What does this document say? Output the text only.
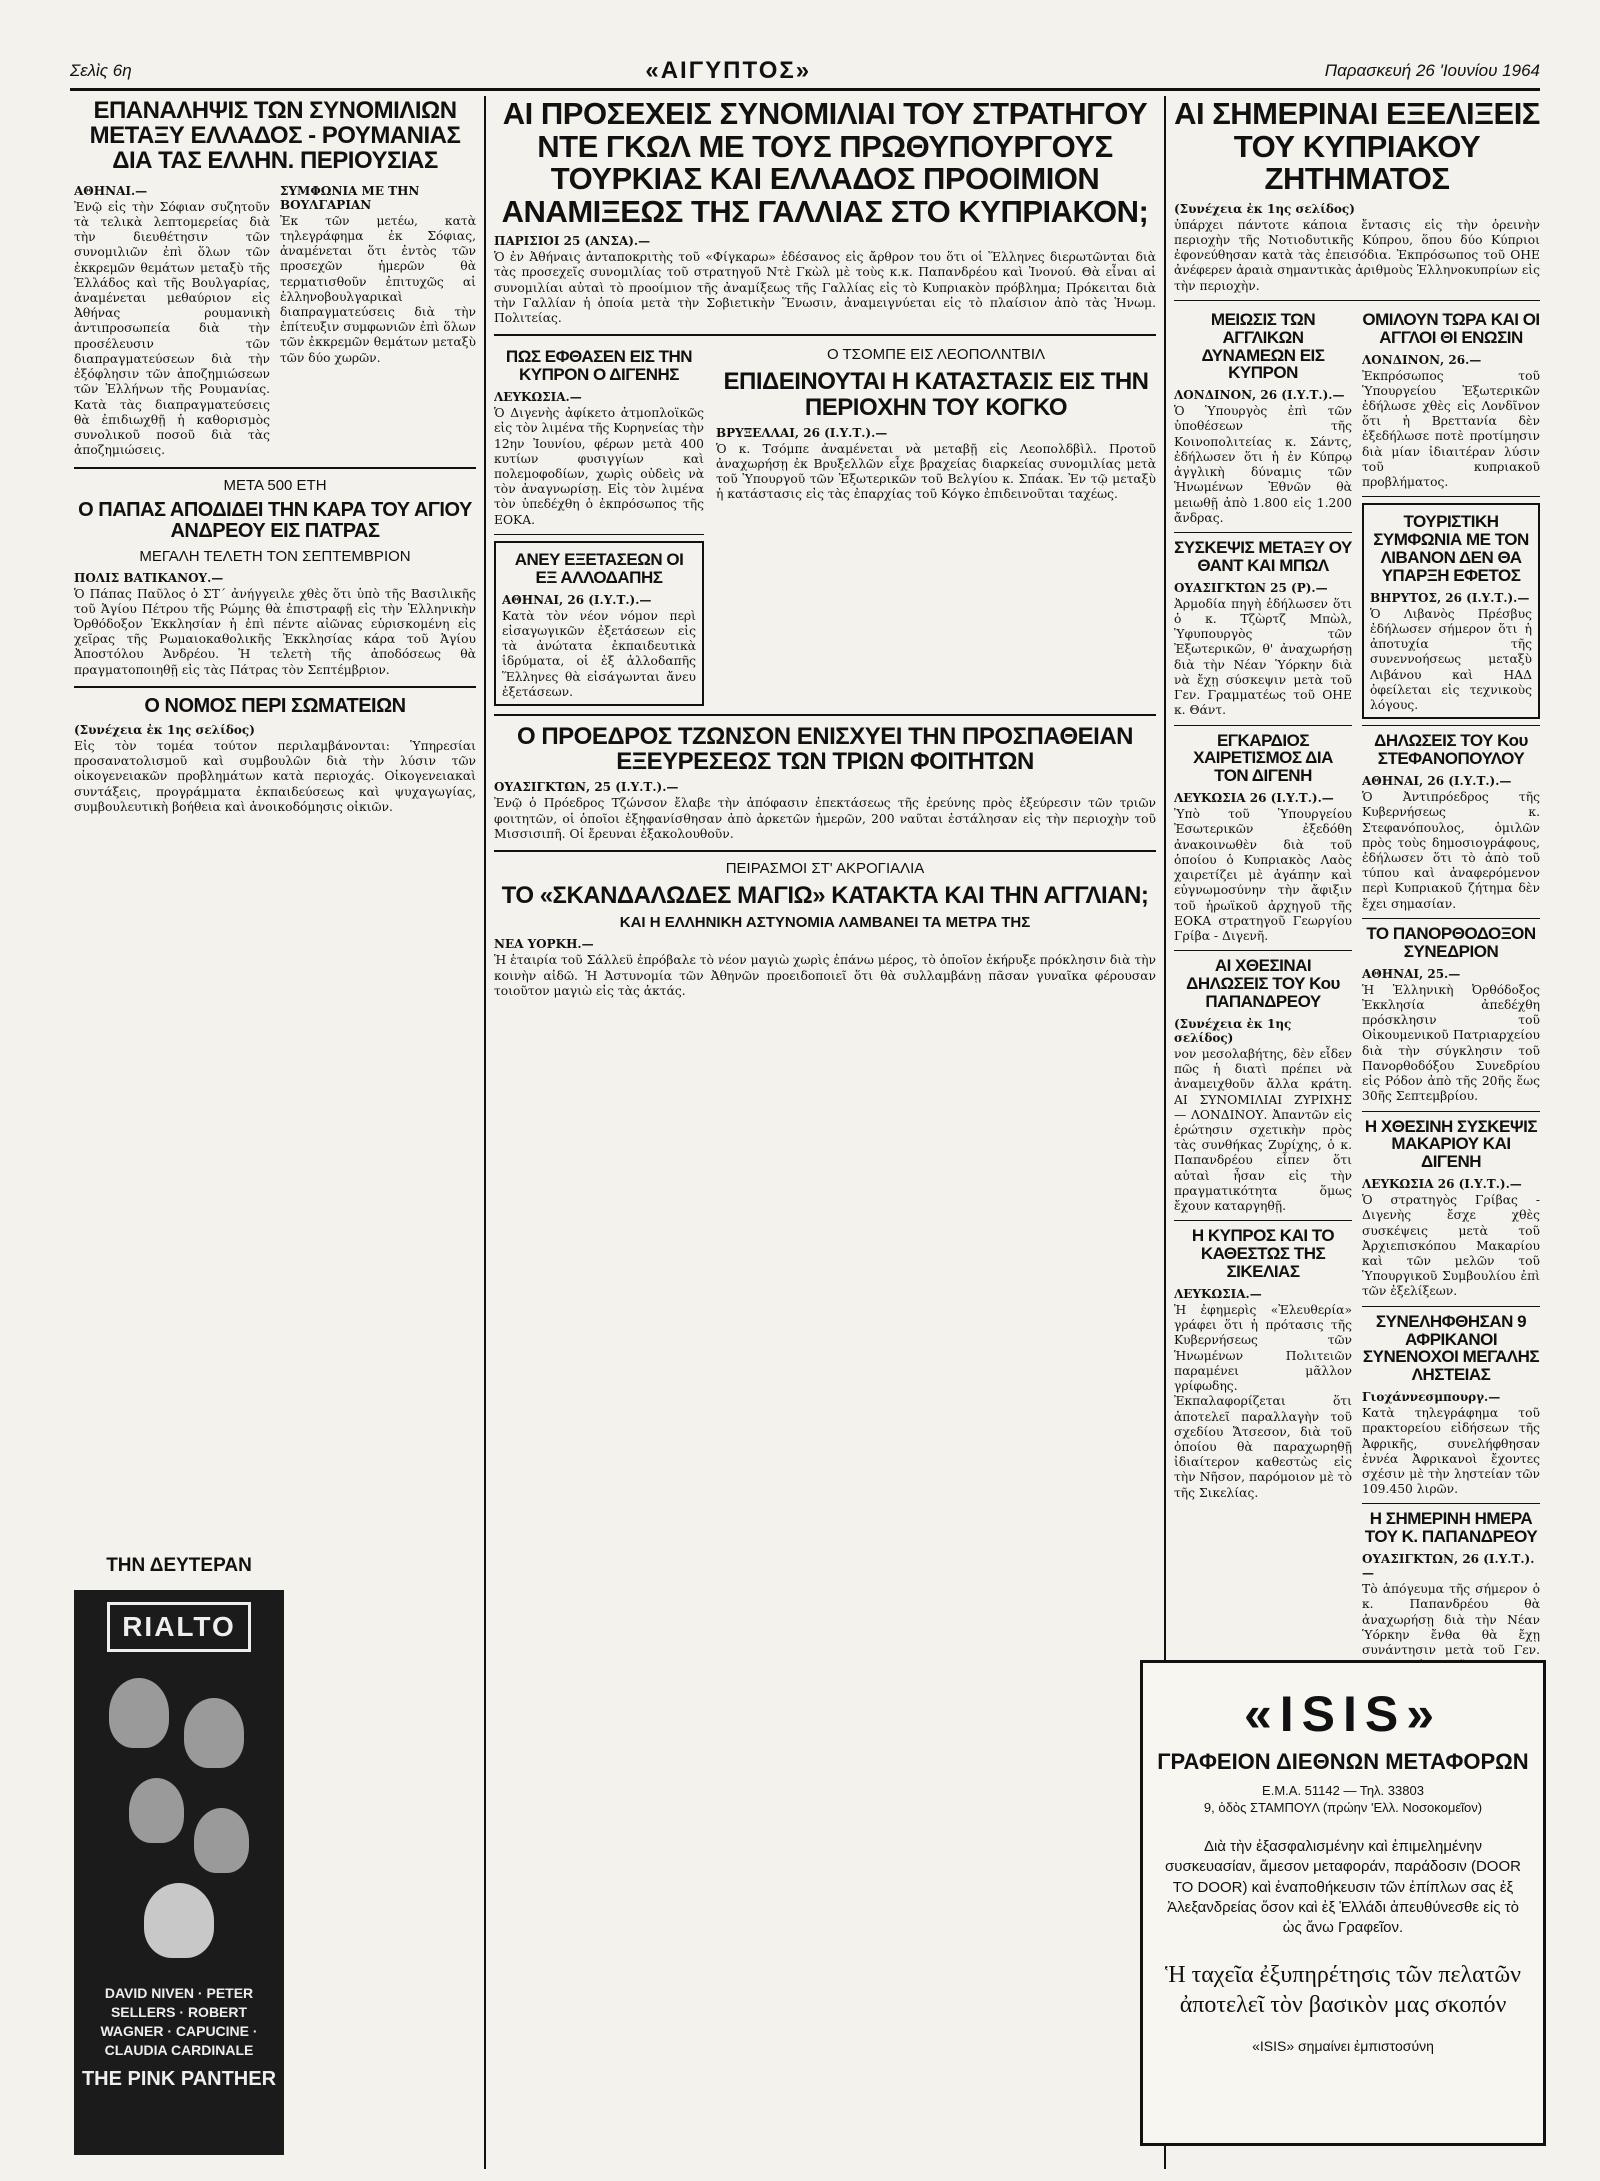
Σελὶς 6η	«ΑΙΓΥΠΤΟΣ»	Παρασκευή 26 'Ιουνίου 1964
ΕΠΑΝΑΛΗΨΙΣ ΤΩΝ ΣΥΝΟΜΙΛΙΩΝ ΜΕΤΑΞΥ ΕΛΛΑΔΟΣ - ΡΟΥΜΑΝΙΑΣ ΔΙΑ ΤΑΣ ΕΛΛΗΝ. ΠΕΡΙΟΥΣΙΑΣ
ΑΘΗΝΑΙ.—

Ἐνῷ εἰς τὴν Σόφιαν συζητοῦν τὰ τελικὰ λεπτομερείας διὰ τὴν διευθέτησιν τῶν συνομιλιῶν ἐπὶ ὅλων τῶν ἐκκρεμῶν θεμάτων μεταξὺ τῆς Ἑλλάδος καὶ τῆς Βουλγαρίας, ἀναμένεται μεθαύριον εἰς Ἀθήνας ρουμανικὴ ἀντιπροσωπεία διὰ τὴν προσέλευσιν τῶν διαπραγματεύσεων διὰ τὴν ἐξόφλησιν τῶν ἀποζημιώσεων τῶν Ἑλλήνων τῆς Ρουμανίας. Κατὰ τὰς διαπραγματεύσεις θὰ ἐπιδιωχθῇ ἡ καθορισμὸς συνολικοῦ ποσοῦ διὰ τὰς ἀποζημιώσεις.

ΣΥΜΦΩΝΙΑ ΜΕ ΤΗΝ ΒΟΥΛΓΑΡΙΑΝ

Ἐκ τῶν μετέω, κατὰ τηλεγράφημα ἐκ Σόφιας, ἀναμένεται ὅτι ἐντὸς τῶν προσεχῶν ἡμερῶν θὰ τερματισθοῦν ἐπιτυχῶς αἱ ἑλληνοβουλγαρικαὶ διαπραγματεύσεις διὰ τὴν ἐπίτευξιν συμφωνιῶν ἐπὶ ὅλων τῶν ἐκκρεμῶν θεμάτων μεταξὺ τῶν δύο χωρῶν.

ΜΕΤΑ 500 ΕΤΗ
Ο ΠΑΠΑΣ ΑΠΟΔΙΔΕΙ ΤΗΝ ΚΑΡΑ ΤΟΥ ΑΓΙΟΥ ΑΝΔΡΕΟΥ ΕΙΣ ΠΑΤΡΑΣ
ΜΕΓΑΛΗ ΤΕΛΕΤΗ ΤΟΝ ΣΕΠΤΕΜΒΡΙΟΝ
ΠΟΛΙΣ ΒΑΤΙΚΑΝΟΥ.—

Ὁ Πάπας Παῦλος ὁ ΣΤ΄ ἀνήγγειλε χθὲς ὅτι ὑπὸ τῆς Βασιλικῆς τοῦ Ἁγίου Πέτρου τῆς Ρώμης θὰ ἐπιστραφῇ εἰς τὴν Ἑλληνικὴν Ὀρθόδοξον Ἐκκλησίαν ἡ ἐπὶ πέντε αἰῶνας εὑρισκομένη εἰς χεῖρας τῆς Ρωμαιοκαθολικῆς Ἐκκλησίας κάρα τοῦ Ἁγίου Ἀποστόλου Ἀνδρέου. Ἡ τελετὴ τῆς ἀποδόσεως θὰ πραγματοποιηθῇ εἰς τὰς Πάτρας τὸν Σεπτέμβριον.

Ο ΝΟΜΟΣ ΠΕΡΙ ΣΩΜΑΤΕΙΩΝ
(Συνέχεια ἐκ 1ης σελίδος)

Εἰς τὸν τομέα τούτον περιλαμβάνονται: Ὑπηρεσίαι προσανατολισμοῦ καὶ συμβουλῶν διὰ τὴν λύσιν τῶν οἰκογενειακῶν προβλημάτων κατὰ περιοχάς. Οἰκογενειακαὶ συντάξεις, προγράμματα ἐκπαιδεύσεως καὶ ψυχαγωγίας, συμβουλευτικὴ βοήθεια καὶ ἀνοικοδόμησις οἰκιῶν.

ΤΗΝ ΔΕΥΤΕΡΑΝ
RIALTO
DAVID NIVEN · PETER SELLERS · ROBERT WAGNER · CAPUCINE · CLAUDIA CARDINALE
THE PINK PANTHER
ΑΙ ΠΡΟΣΕΧΕΙΣ ΣΥΝΟΜΙΛΙΑΙ ΤΟΥ ΣΤΡΑΤΗΓΟΥ ΝΤΕ ΓΚΩΛ ΜΕ ΤΟΥΣ ΠΡΩΘΥΠΟΥΡΓΟΥΣ ΤΟΥΡΚΙΑΣ ΚΑΙ ΕΛΛΑΔΟΣ ΠΡΟΟΙΜΙΟΝ ΑΝΑΜΙΞΕΩΣ ΤΗΣ ΓΑΛΛΙΑΣ ΣΤΟ ΚΥΠΡΙΑΚΟΝ;
ΠΑΡΙΣΙΟΙ 25 (ΑΝΣΑ).—

Ὁ ἐν Ἀθήναις ἀνταποκριτὴς τοῦ «Φίγκαρω» ἐδέσανος εἰς ἄρθρον του ὅτι οἱ Ἕλληνες διερωτῶνται διὰ τὰς προσεχεῖς συνομιλίας τοῦ στρατηγοῦ Ντὲ Γκὼλ μὲ τοὺς κ.κ. Παπανδρέου καὶ Ἰνονού. Θὰ εἶναι αἱ συνομιλίαι αὐταὶ τὸ προοίμιον τῆς ἀναμίξεως τῆς Γαλλίας εἰς τὸ Κυπριακὸν πρόβλημα; Πρόκειται διὰ τὴν Γαλλίαν ἡ ὁποία μετὰ τὴν Σοβιετικὴν Ἕνωσιν, ἀναμειγνύεται εἰς τὸ πλαίσιον ἀπὸ τὰς Ἡνωμ. Πολιτείας.

ΠΩΣ ΕΦΘΑΣΕΝ ΕΙΣ ΤΗΝ ΚΥΠΡΟΝ Ο ΔΙΓΕΝΗΣ
ΛΕΥΚΩΣΙΑ.—

Ὁ Διγενὴς ἀφίκετο ἀτμοπλοϊκῶς εἰς τὸν λιμένα τῆς Κυρηνείας τὴν 12ην Ἰουνίου, φέρων μετὰ 400 κυτίων φυσιγγίων καὶ πολεμοφοδίων, χωρὶς οὐδεὶς νὰ τὸν ἀναγνωρίσῃ. Εἰς τὸν λιμένα τὸν ὑπεδέχθη ὁ ἐκπρόσωπος τῆς ΕΟΚΑ.

ΑΝΕΥ ΕΞΕΤΑΣΕΩΝ ΟΙ ΕΞ ΑΛΛΟΔΑΠΗΣ
ΑΘΗΝΑΙ, 26 (Ι.Υ.Τ.).—

Κατὰ τὸν νέον νόμον περὶ εἰσαγωγικῶν ἐξετάσεων εἰς τὰ ἀνώτατα ἐκπαιδευτικὰ ἱδρύματα, οἱ ἐξ ἀλλοδαπῆς Ἕλληνες θὰ εἰσάγωνται ἄνευ ἐξετάσεων.

Ο ΤΣΟΜΠΕ ΕΙΣ ΛΕΟΠΟΛΝΤΒΙΛ
ΕΠΙΔΕΙΝΟΥΤΑΙ Η ΚΑΤΑΣΤΑΣΙΣ ΕΙΣ ΤΗΝ ΠΕΡΙΟΧΗΝ ΤΟΥ ΚΟΓΚΟ
ΒΡΥΞΕΛΛΑΙ, 26 (Ι.Υ.Τ.).—

Ὁ κ. Τσόμπε ἀναμένεται νὰ μεταβῇ εἰς Λεοπολδβὶλ. Προτοῦ ἀναχωρήσῃ ἐκ Βρυξελλῶν εἶχε βραχείας διαρκείας συνομιλίας μετὰ τοῦ Ὑπουργοῦ τῶν Ἐξωτερικῶν τοῦ Βελγίου κ. Σπάακ. Ἐν τῷ μεταξὺ ἡ κατάστασις εἰς τὰς ἐπαρχίας τοῦ Κόγκο ἐπιδεινοῦται ταχέως.

Ο ΠΡΟΕΔΡΟΣ ΤΖΩΝΣΟΝ ΕΝΙΣΧΥΕΙ ΤΗΝ ΠΡΟΣΠΑΘΕΙΑΝ ΕΞΕΥΡΕΣΕΩΣ ΤΩΝ ΤΡΙΩΝ ΦΟΙΤΗΤΩΝ
ΟΥΑΣΙΓΚΤΩΝ, 25 (Ι.Υ.Τ.).—

Ἐνῷ ὁ Πρόεδρος Τζώνσον ἔλαβε τὴν ἀπόφασιν ἐπεκτάσεως τῆς ἐρεύνης πρὸς ἐξεύρεσιν τῶν τριῶν φοιτητῶν, οἱ ὁποῖοι ἐξηφανίσθησαν ἀπὸ ἀρκετῶν ἡμερῶν, 200 ναῦται ἐστάλησαν εἰς τὴν περιοχὴν τοῦ Μισσισιπῆ. Οἱ ἔρευναι ἐξακολουθοῦν.

ΠΕΙΡΑΣΜΟΙ ΣΤ' ΑΚΡΟΓΙΑΛΙΑ
ΤΟ «ΣΚΑΝΔΑΛΩΔΕΣ ΜΑΓΙΩ» ΚΑΤΑΚΤΑ ΚΑΙ ΤΗΝ ΑΓΓΛΙΑΝ;
ΚΑΙ Η ΕΛΛΗΝΙΚΗ ΑΣΤΥΝΟΜΙΑ ΛΑΜΒΑΝΕΙ ΤΑ ΜΕΤΡΑ ΤΗΣ
ΝΕΑ ΥΟΡΚΗ.—

Ἡ ἑταιρία τοῦ Σάλλεϋ ἐπρόβαλε τὸ νέον μαγιὼ χωρὶς ἐπάνω μέρος, τὸ ὁποῖον ἐκήρυξε πρόκλησιν διὰ τὴν κοινὴν αἰδῶ. Ἡ Ἀστυνομία τῶν Ἀθηνῶν προειδοποιεῖ ὅτι θὰ συλλαμβάνῃ πᾶσαν γυναῖκα φέρουσαν τοιοῦτον μαγιὼ εἰς τὰς ἀκτάς.

ΑΙ ΣΗΜΕΡΙΝΑΙ ΕΞΕΛΙΞΕΙΣ ΤΟΥ ΚΥΠΡΙΑΚΟΥ ΖΗΤΗΜΑΤΟΣ
(Συνέχεια ἐκ 1ης σελίδος)

ὑπάρχει πάντοτε κάποια ἔντασις εἰς τὴν ὀρεινὴν περιοχὴν τῆς Νοτιοδυτικῆς Κύπρου, ὅπου δύο Κύπριοι ἐφονεύθησαν κατὰ τὰς ἐπεισόδια. Ἐκπρόσωπος τοῦ ΟΗΕ ἀνέφερεν ἀραιὰ σημαντικὰς ἀριθμοὺς Ἑλληνοκυπρίων εἰς τὴν περιοχὴν.

ΜΕΙΩΣΙΣ ΤΩΝ ΑΓΓΛΙΚΩΝ ΔΥΝΑΜΕΩΝ ΕΙΣ ΚΥΠΡΟΝ
ΛΟΝΔΙΝΟΝ, 26 (Ι.Υ.Τ.).—

Ὁ Ὑπουργὸς ἐπὶ τῶν ὑποθέσεων τῆς Κοινοπολιτείας κ. Σάντς, ἐδήλωσεν ὅτι ἡ ἐν Κύπρῳ ἀγγλικὴ δύναμις τῶν Ἡνωμένων Ἐθνῶν θὰ μειωθῇ ἀπὸ 1.800 εἰς 1.200 ἄνδρας.

ΣΥΣΚΕΨΙΣ ΜΕΤΑΞΥ ΟΥ ΘΑΝΤ ΚΑΙ ΜΠΩΛ
ΟΥΑΣΙΓΚΤΩΝ 25 (Ρ).—

Ἀρμοδία πηγὴ ἐδήλωσεν ὅτι ὁ κ. Τζὼρτζ Μπὼλ, Ὑφυπουργὸς τῶν Ἐξωτερικῶν, θ' ἀναχωρήσῃ διὰ τὴν Νέαν Ὑόρκην διὰ νὰ ἔχῃ σύσκεψιν μετὰ τοῦ Γεν. Γραμματέως τοῦ ΟΗΕ κ. Θάντ.

ΕΓΚΑΡΔΙΟΣ ΧΑΙΡΕΤΙΣΜΟΣ ΔΙΑ ΤΟΝ ΔΙΓΕΝΗ
ΛΕΥΚΩΣΙΑ 26 (Ι.Υ.Τ.).—

Ὑπὸ τοῦ Ὑπουργείου Ἐσωτερικῶν ἐξεδόθη ἀνακοινωθὲν διὰ τοῦ ὁποίου ὁ Κυπριακὸς Λαὸς χαιρετίζει μὲ ἀγάπην καὶ εὐγνωμοσύνην τὴν ἄφιξιν τοῦ ἡρωϊκοῦ ἀρχηγοῦ τῆς ΕΟΚΑ στρατηγοῦ Γεωργίου Γρίβα - Διγενῆ.

ΑΙ ΧΘΕΣΙΝΑΙ ΔΗΛΩΣΕΙΣ ΤΟΥ Κου ΠΑΠΑΝΔΡΕΟΥ
(Συνέχεια ἐκ 1ης σελίδος)

νον μεσολαβήτης, δὲν εἶδεν πῶς ἡ διατὶ πρέπει νὰ ἀναμειχθοῦν ἄλλα κράτη. ΑΙ ΣΥΝΟΜΙΛΙΑΙ ΖΥΡΙΧΗΣ — ΛΟΝΔΙΝΟΥ. Ἀπαντῶν εἰς ἑρώτησιν σχετικὴν πρὸς τὰς συνθήκας Ζυρίχης, ὁ κ. Παπανδρέου εἶπεν ὅτι αὐταὶ ἦσαν εἰς τὴν πραγματικότητα ὅμως ἔχουν καταργηθῇ.

Η ΚΥΠΡΟΣ ΚΑΙ ΤΟ ΚΑΘΕΣΤΩΣ ΤΗΣ ΣΙΚΕΛΙΑΣ
ΛΕΥΚΩΣΙΑ.—

Ἡ ἐφημερὶς «Ἐλευθερία» γράφει ὅτι ἡ πρότασις τῆς Κυβερνήσεως τῶν Ἡνωμένων Πολιτειῶν παραμένει μᾶλλον γρίφωδης. Ἐκπαλαφορίζεται ὅτι ἀποτελεῖ παραλλαγὴν τοῦ σχεδίου Ἄτσεσον, διὰ τοῦ ὁποίου θὰ παραχωρηθῇ ἰδιαίτερον καθεστὼς εἰς τὴν Νῆσον, παρόμοιον μὲ τὸ τῆς Σικελίας.

ΟΜΙΛΟΥΝ ΤΩΡΑ ΚΑΙ ΟΙ ΑΓΓΛΟΙ ΘΙ ΕΝΩΣΙΝ
ΛΟΝΔΙΝΟΝ, 26.—

Ἐκπρόσωπος τοῦ Ὑπουργείου Ἐξωτερικῶν ἐδήλωσε χθὲς εἰς Λονδῖνον ὅτι ἡ Βρεττανία δὲν ἐξεδήλωσε ποτὲ προτίμησιν διὰ μίαν ἰδιαιτέραν λύσιν τοῦ κυπριακοῦ προβλήματος.

ΤΟΥΡΙΣΤΙΚΗ ΣΥΜΦΩΝΙΑ ΜΕ ΤΟΝ ΛΙΒΑΝΟΝ ΔΕΝ ΘΑ ΥΠΑΡΞΗ ΕΦΕΤΟΣ
ΒΗΡΥΤΟΣ, 26 (Ι.Υ.Τ.).—

Ὁ Λιβανὸς Πρέσβυς ἐδήλωσεν σήμερον ὅτι ἡ ἀποτυχία τῆς συνεννοήσεως μεταξὺ Λιβάνου καὶ ΗΑΔ ὀφείλεται εἰς τεχνικοὺς λόγους.

ΔΗΛΩΣΕΙΣ ΤΟΥ Κου ΣΤΕΦΑΝΟΠΟΥΛΟΥ
ΑΘΗΝΑΙ, 26 (Ι.Υ.Τ.).—

Ὁ Ἀντιπρόεδρος τῆς Κυβερνήσεως κ. Στεφανόπουλος, ὁμιλῶν πρὸς τοὺς δημοσιογράφους, ἐδήλωσεν ὅτι τὸ ἀπὸ τοῦ τύπου καὶ ἀναφερόμενον περὶ Κυπριακοῦ ζήτημα δὲν ἔχει σημασίαν.

ΤΟ ΠΑΝΟΡΘΟΔΟΞΟΝ ΣΥΝΕΔΡΙΟΝ
ΑΘΗΝΑΙ, 25.—

Ἡ Ἑλληνικὴ Ὀρθόδοξος Ἐκκλησία ἀπεδέχθη πρόσκλησιν τοῦ Οἰκουμενικοῦ Πατριαρχείου διὰ τὴν σύγκλησιν τοῦ Πανορθοδόξου Συνεδρίου εἰς Ρόδον ἀπὸ τῆς 20ῆς ἕως 30ῆς Σεπτεμβρίου.

Η ΧΘΕΣΙΝΗ ΣΥΣΚΕΨΙΣ ΜΑΚΑΡΙΟΥ ΚΑΙ ΔΙΓΕΝΗ
ΛΕΥΚΩΣΙΑ 26 (Ι.Υ.Τ.).—

Ὁ στρατηγὸς Γρίβας - Διγενὴς ἔσχε χθὲς συσκέψεις μετὰ τοῦ Ἀρχιεπισκόπου Μακαρίου καὶ τῶν μελῶν τοῦ Ὑπουργικοῦ Συμβουλίου ἐπὶ τῶν ἐξελίξεων.

ΣΥΝΕΛΗΦΘΗΣΑΝ 9 ΑΦΡΙΚΑΝΟΙ ΣΥΝΕΝΟΧΟΙ ΜΕΓΑΛΗΣ ΛΗΣΤΕΙΑΣ
Γιοχάννεσμπουργ.—

Κατὰ τηλεγράφημα τοῦ πρακτορείου εἰδήσεων τῆς Ἀφρικῆς, συνελήφθησαν ἐννέα Ἀφρικανοὶ ἔχοντες σχέσιν μὲ τὴν ληστείαν τῶν 109.450 λιρῶν.

Η ΣΗΜΕΡΙΝΗ ΗΜΕΡΑ ΤΟΥ Κ. ΠΑΠΑΝΔΡΕΟΥ
ΟΥΑΣΙΓΚΤΩΝ, 26 (Ι.Υ.Τ.).—

Τὸ ἀπόγευμα τῆς σήμερον ὁ κ. Παπανδρέου θὰ ἀναχωρήσῃ διὰ τὴν Νέαν Ὑόρκην ἔνθα θὰ ἔχῃ συνάντησιν μετὰ τοῦ Γεν.

«ISIS»
ΓΡΑΦΕΙΟΝ ΔΙΕΘΝΩΝ ΜΕΤΑΦΟΡΩΝ
Ε.Μ.Α. 51142 — Τηλ. 33803
9, ὁδὸς ΣΤΑΜΠΟΥΛ (πρώην 'Ελλ. Νοσοκομεῖον)
Διὰ τὴν ἐξασφαλισμένην καὶ ἐπιμελημένην συσκευασίαν, ἄμεσον μεταφοράν, παράδοσιν (DOOR TO DOOR) καὶ ἐναποθήκευσιν τῶν ἐπίπλων σας ἐξ Ἀλεξανδρείας ὅσον καὶ ἐξ Ἑλλάδι ἀπευθύνεσθε εἰς τὸ ὡς ἄνω Γραφεῖον.
Ἡ ταχεῖα ἐξυπηρέτησις τῶν πελατῶν ἀποτελεῖ τὸν βασικὸν μας σκοπόν
«ISIS» σημαίνει ἐμπιστοσύνη
